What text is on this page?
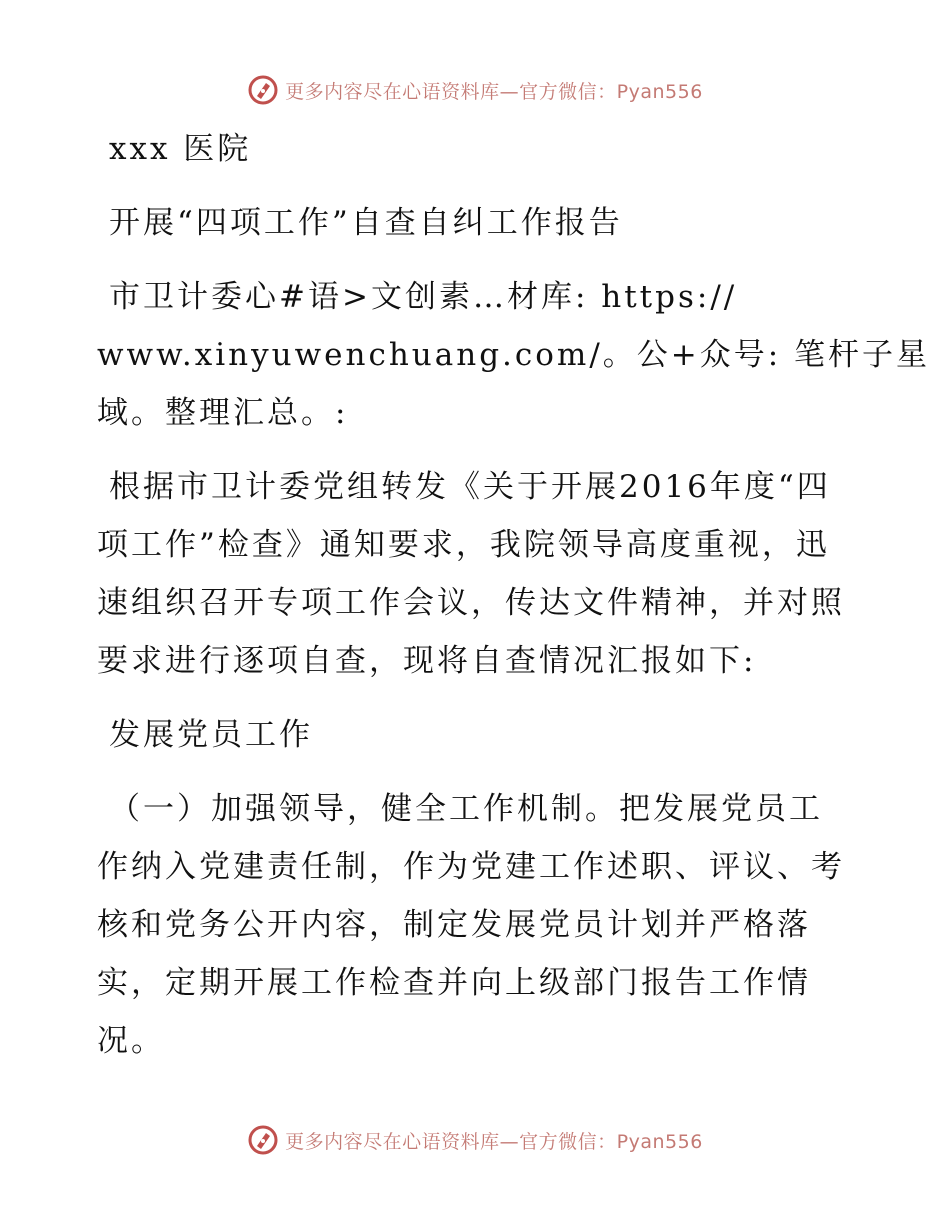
更多内容尽在心语资料库—官方微信：Pyan556

xxx 医院

开展“四项工作”自查自纠工作报告

市卫计委心#语>文创素…材库: https://

www.xinyuwenchuang.com/。公+众号: 笔杆子星

域。整理汇总。:

根据市卫计委党组转发《关于开展2016年度“四

项工作”检查》通知要求，我院领导高度重视，迅

速组织召开专项工作会议，传达文件精神，并对照

要求进行逐项自查，现将自查情况汇报如下:

发展党员工作

（一）加强领导，健全工作机制。把发展党员工

作纳入党建责任制，作为党建工作述职、评议、考

核和党务公开内容，制定发展党员计划并严格落

实，定期开展工作检查并向上级部门报告工作情

况。

更多内容尽在心语资料库—官方微信：Pyan556
